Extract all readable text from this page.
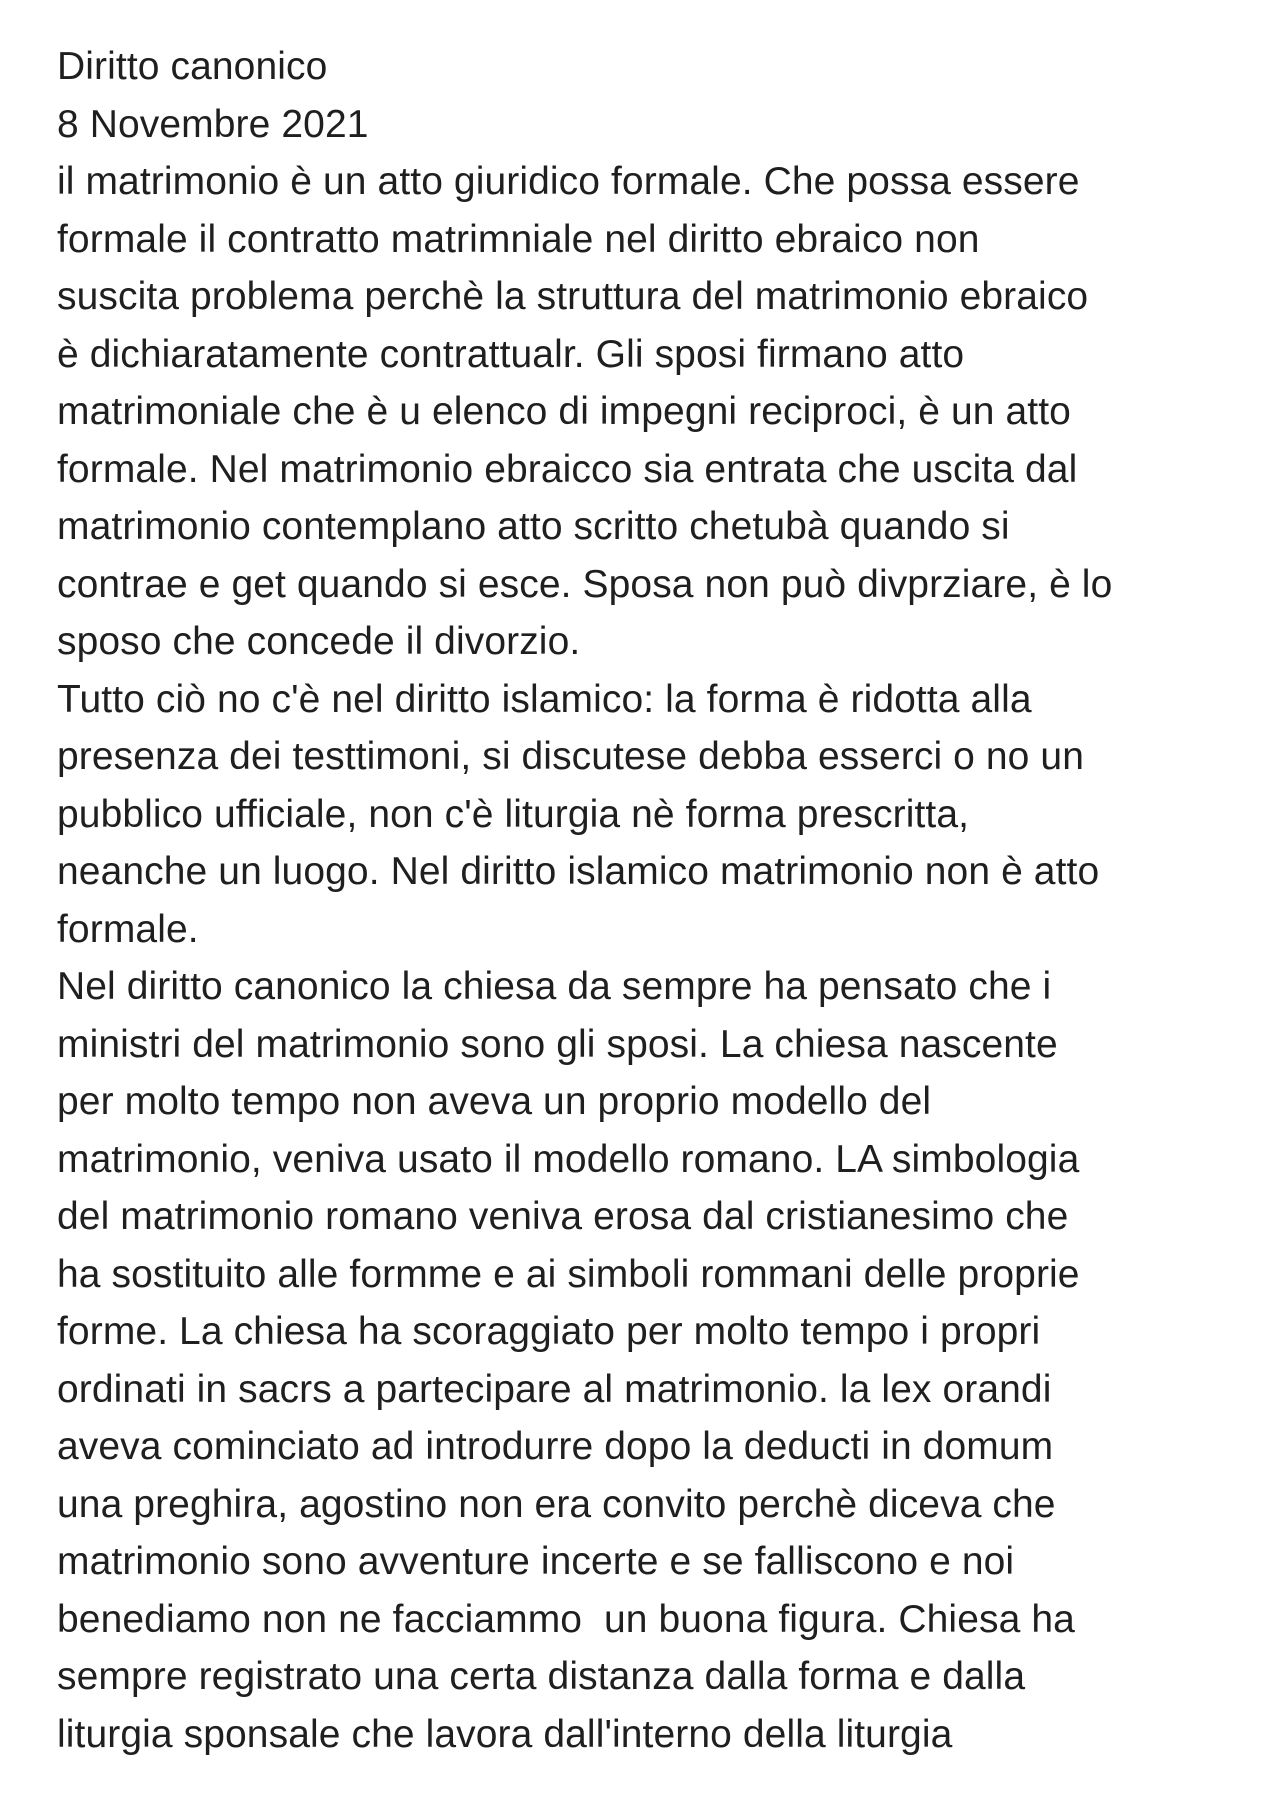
Diritto canonico
8 Novembre 2021
il matrimonio è un atto giuridico formale. Che possa essere
formale il contratto matrimniale nel diritto ebraico non
suscita problema perchè la struttura del matrimonio ebraico
è dichiaratamente contrattualr. Gli sposi firmano atto
matrimoniale che è u elenco di impegni reciproci, è un atto
formale. Nel matrimonio ebraicco sia entrata che uscita dal
matrimonio contemplano atto scritto chetubà quando si
contrae e get quando si esce. Sposa non può divprziare, è lo
sposo che concede il divorzio.
Tutto ciò no c'è nel diritto islamico: la forma è ridotta alla
presenza dei testtimoni, si discutese debba esserci o no un
pubblico ufficiale, non c'è liturgia nè forma prescritta,
neanche un luogo. Nel diritto islamico matrimonio non è atto
formale.
Nel diritto canonico la chiesa da sempre ha pensato che i
ministri del matrimonio sono gli sposi. La chiesa nascente
per molto tempo non aveva un proprio modello del
matrimonio, veniva usato il modello romano. LA simbologia
del matrimonio romano veniva erosa dal cristianesimo che
ha sostituito alle formme e ai simboli rommani delle proprie
forme. La chiesa ha scoraggiato per molto tempo i propri
ordinati in sacrs a partecipare al matrimonio. la lex orandi
aveva cominciato ad introdurre dopo la deducti in domum
una preghira, agostino non era convito perchè diceva che
matrimonio sono avventure incerte e se falliscono e noi
benediamo non ne facciammo  un buona figura. Chiesa ha
sempre registrato una certa distanza dalla forma e dalla
liturgia sponsale che lavora dall'interno della liturgia
